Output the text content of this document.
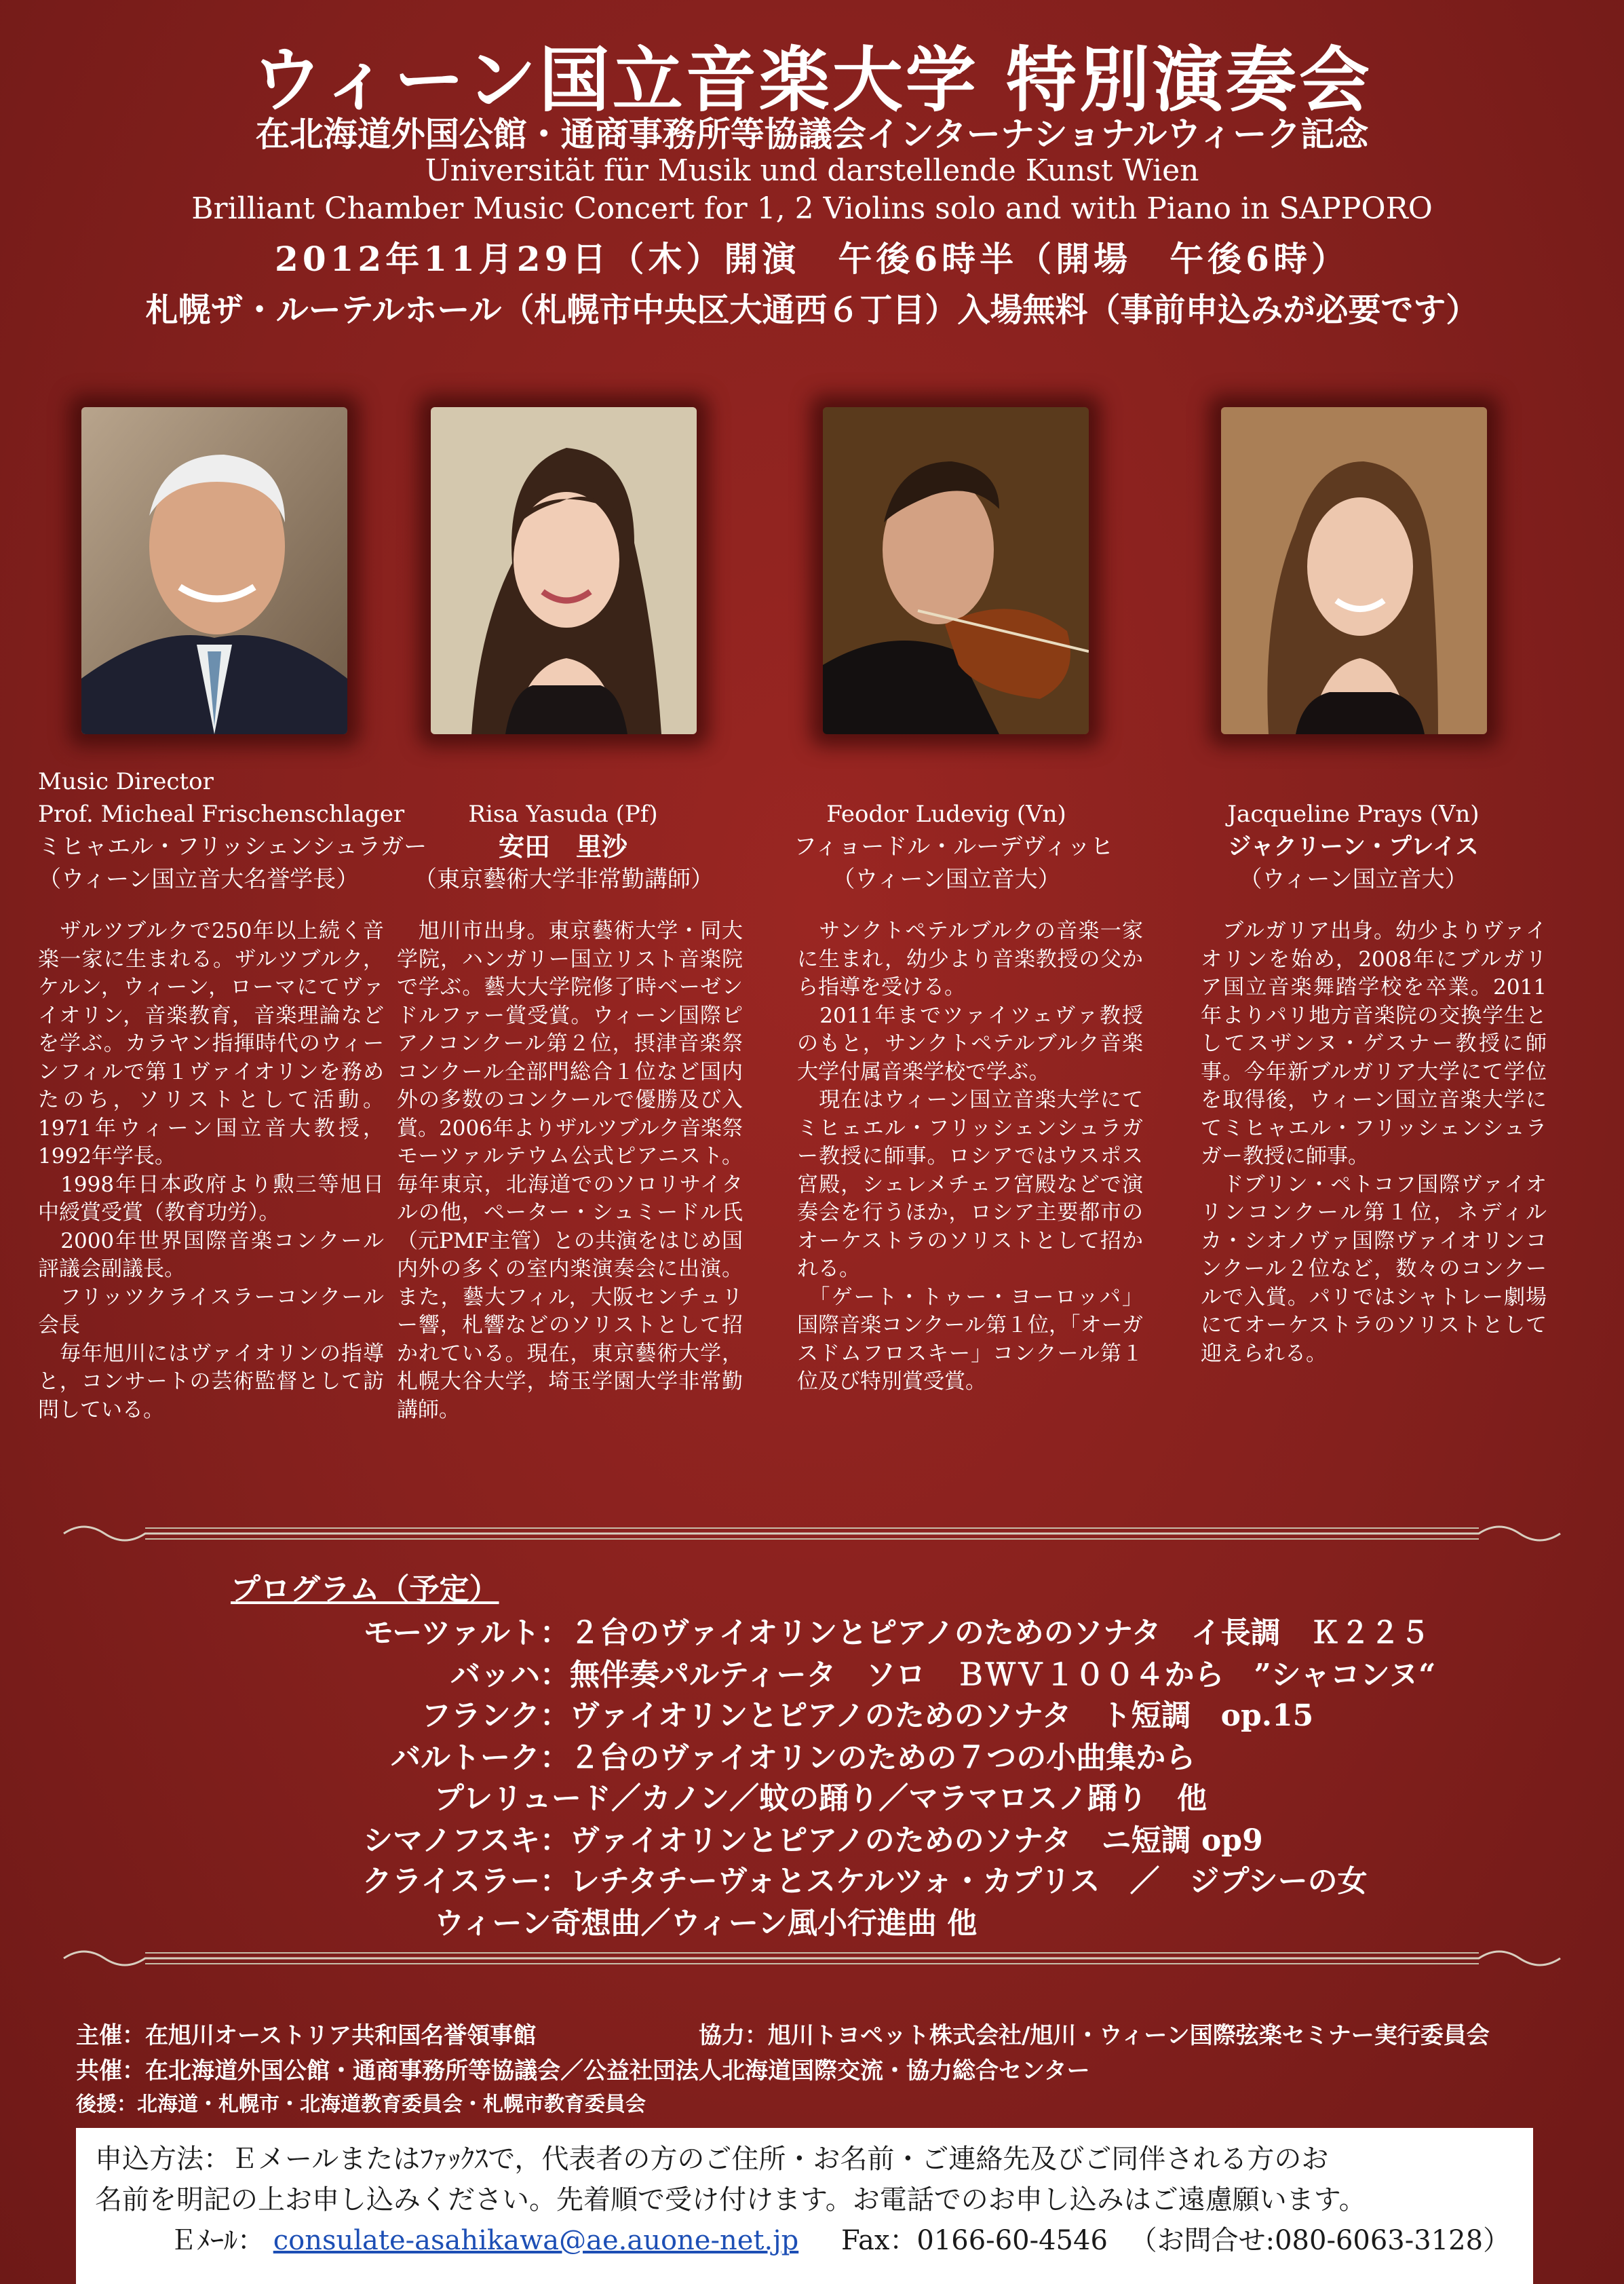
ウィーン国立音楽大学 特別演奏会
在北海道外国公館・通商事務所等協議会インターナショナルウィーク記念
Universität für Musik und darstellende Kunst Wien
Brilliant Chamber Music Concert for 1, 2 Violins solo and with Piano in SAPPORO
2012年11月29日（木）開演　午後6時半（開場　午後6時）
札幌ザ・ルーテルホール（札幌市中央区大通西６丁目）入場無料（事前申込みが必要です）
Music Director
Prof. Micheal Frischenschlager
ミヒャエル・フリッシェンシュラガー
（ウィーン国立音大名誉学長）
Risa Yasuda (Pf)
安田　里沙
（東京藝術大学非常勤講師）
Feodor Ludevig (Vn)
フィョードル・ルーデヴィッヒ
（ウィーン国立音大）
Jacqueline Prays (Vn)
ジャクリーン・プレイス
（ウィーン国立音大）
　ザルツブルクで250年以上続く音楽一家に生まれる。ザルツブルク，ケルン，ウィーン，ローマにてヴァイオリン，音楽教育，音楽理論などを学ぶ。カラヤン指揮時代のウィーンフィルで第１ヴァイオリンを務めたのち，ソリストとして活動。1971年ウィーン国立音大教授，1992年学長。
　1998年日本政府より勲三等旭日中綬賞受賞（教育功労）。
　2000年世界国際音楽コンクール評議会副議長。
　フリッツクライスラーコンクール会長
　毎年旭川にはヴァイオリンの指導と，コンサートの芸術監督として訪問している。
　旭川市出身。東京藝術大学・同大学院，ハンガリー国立リスト音楽院で学ぶ。藝大大学院修了時ベーゼンドルファー賞受賞。ウィーン国際ピアノコンクール第２位，摂津音楽祭コンクール全部門総合１位など国内外の多数のコンクールで優勝及び入賞。2006年よりザルツブルク音楽祭モーツァルテウム公式ピアニスト。毎年東京，北海道でのソロリサイタルの他，ペーター・シュミードル氏（元PMF主管）との共演をはじめ国内外の多くの室内楽演奏会に出演。また，藝大フィル，大阪センチュリー響，札響などのソリストとして招かれている。現在，東京藝術大学，札幌大谷大学，埼玉学園大学非常勤講師。
　サンクトペテルブルクの音楽一家に生まれ，幼少より音楽教授の父から指導を受ける。
　2011年までツァイツェヴァ教授のもと，サンクトペテルブルク音楽大学付属音楽学校で学ぶ。
　現在はウィーン国立音楽大学にてミヒェエル・フリッシェンシュラガー教授に師事。ロシアではウスポス宮殿，シェレメチェフ宮殿などで演奏会を行うほか，ロシア主要都市のオーケストラのソリストとして招かれる。
　「ゲート・トゥー・ヨーロッパ」国際音楽コンクール第１位，「オーガスドムフロスキー」コンクール第１位及び特別賞受賞。
　ブルガリア出身。幼少よりヴァイオリンを始め，2008年にブルガリア国立音楽舞踏学校を卒業。2011年よりパリ地方音楽院の交換学生としてスザンヌ・ゲスナー教授に師事。今年新ブルガリア大学にて学位を取得後，ウィーン国立音楽大学にてミヒャエル・フリッシェンシュラガー教授に師事。
　ドブリン・ペトコフ国際ヴァイオリンコンクール第１位，ネディルカ・シオノヴァ国際ヴァイオリンコンクール２位など，数々のコンクールで入賞。パリではシャトレー劇場にてオーケストラのソリストとして迎えられる。
プログラム（予定）
モーツァルト：２台のヴァイオリンとピアノのためのソナタ　イ長調　Ｋ２２５
バッハ：無伴奏パルティータ　ソロ　ＢＷＶ１００４から　”シャコンヌ“
フランク：ヴァイオリンとピアノのためのソナタ　ト短調　op.15
バルトーク：２台のヴァイオリンのための７つの小曲集から
プレリュード／カノン／蚊の踊り／マラマロスノ踊り　他
シマノフスキ：ヴァイオリンとピアノのためのソナタ　ニ短調 op9
クライスラー：レチタチーヴォとスケルツォ・カプリス　／　ジプシーの女
ウィーン奇想曲／ウィーン風小行進曲 他
主催：在旭川オーストリア共和国名誉領事館	協力：旭川トヨペット株式会社/旭川・ウィーン国際弦楽セミナー実行委員会
共催：在北海道外国公館・通商事務所等協議会／公益社団法人北海道国際交流・協力総合センター
後援：北海道・札幌市・北海道教育委員会・札幌市教育委員会
申込方法：Ｅメールまたはﾌｧｯｸｽで，代表者の方のご住所・お名前・ご連絡先及びご同伴される方のお
名前を明記の上お申し込みください。先着順で受け付けます。お電話でのお申し込みはご遠慮願います。
Ｅﾒｰﾙ： consulate-asahikawa@ae.auone-net.jp Fax：0166-60-4546 （お問合せ:080-6063-3128）
